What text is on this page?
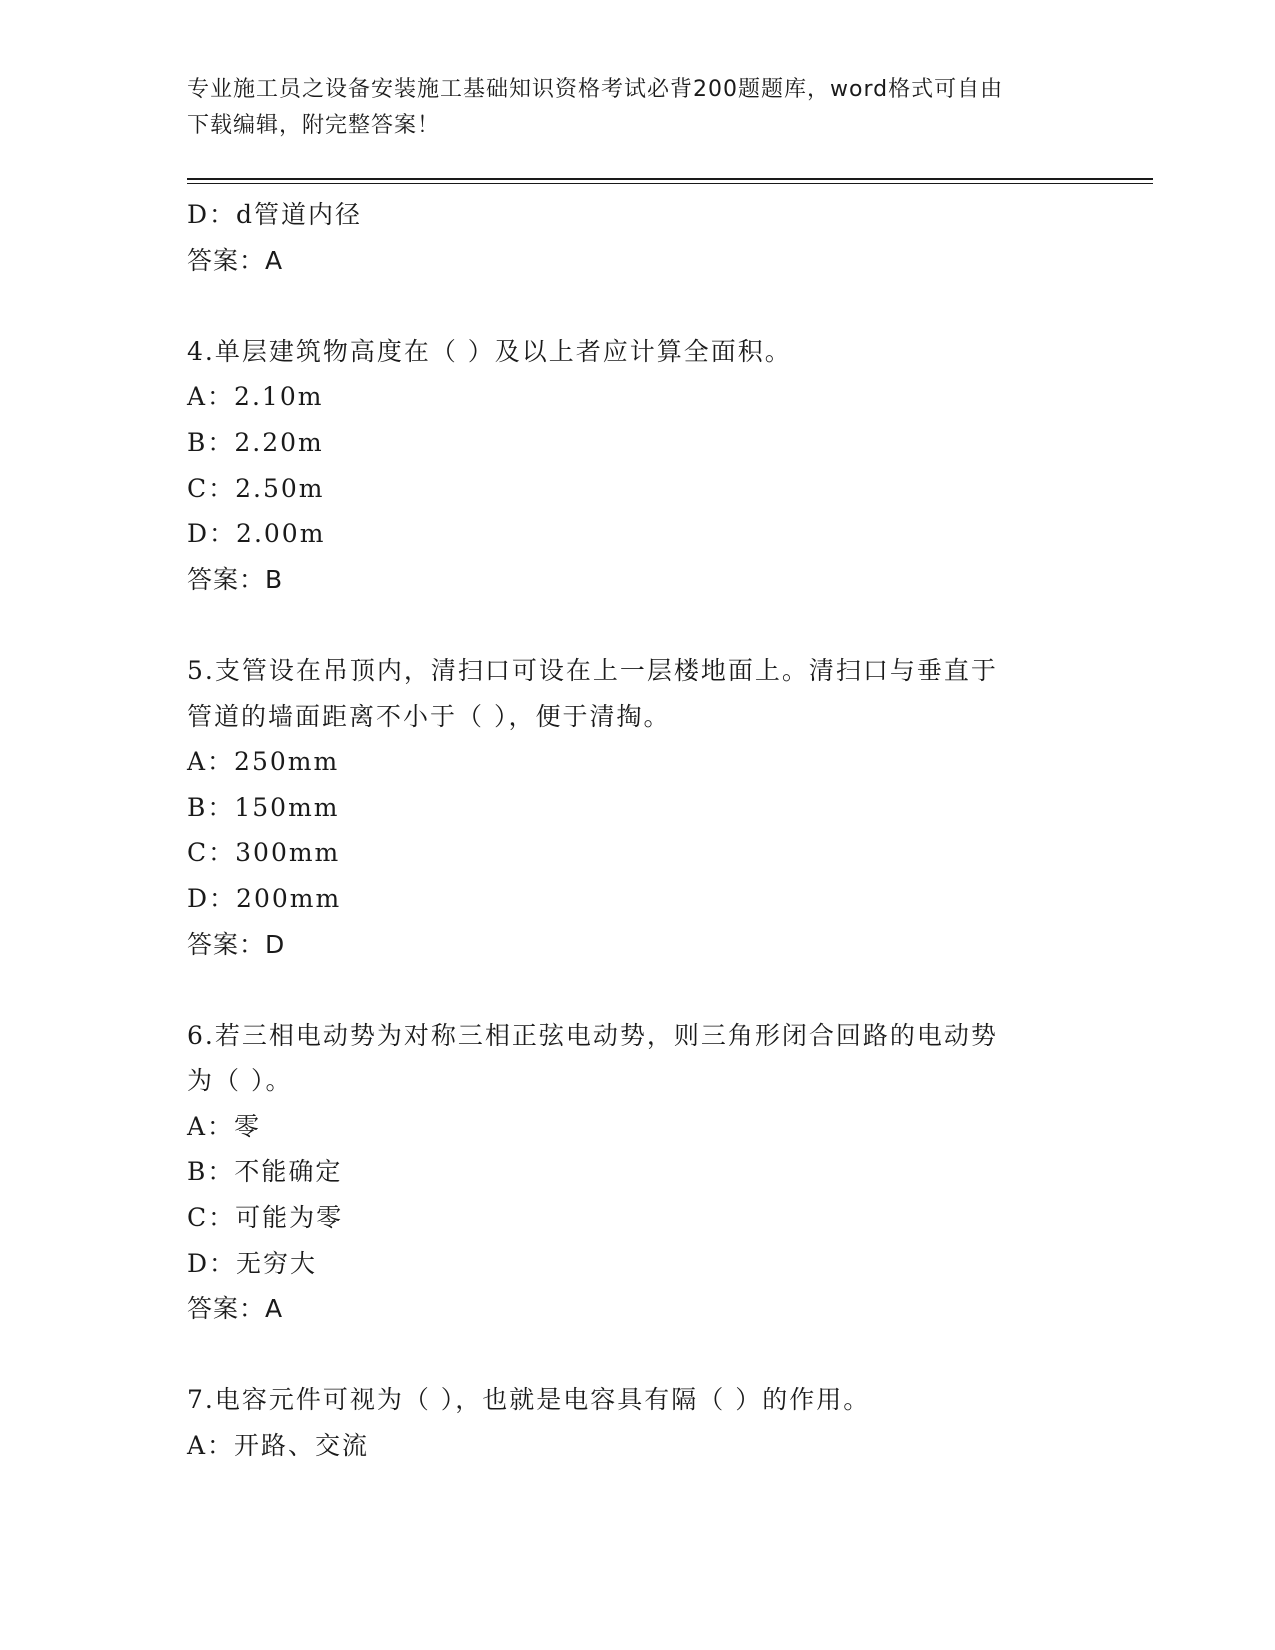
专业施工员之设备安装施工基础知识资格考试必背200题题库，word格式可自由
下载编辑，附完整答案！
D：d管道内径
答案：A
4.单层建筑物高度在（ ）及以上者应计算全面积。
A：2.10m
B：2.20m
C：2.50m
D：2.00m
答案：B
5.支管设在吊顶内，清扫口可设在上一层楼地面上。清扫口与垂直于
管道的墙面距离不小于（ ），便于清掏。
A：250mm
B：150mm
C：300mm
D：200mm
答案：D
6.若三相电动势为对称三相正弦电动势，则三角形闭合回路的电动势
为（ ）。
A：零
B：不能确定
C：可能为零
D：无穷大
答案：A
7.电容元件可视为（ ），也就是电容具有隔（ ）的作用。
A：开路、交流
